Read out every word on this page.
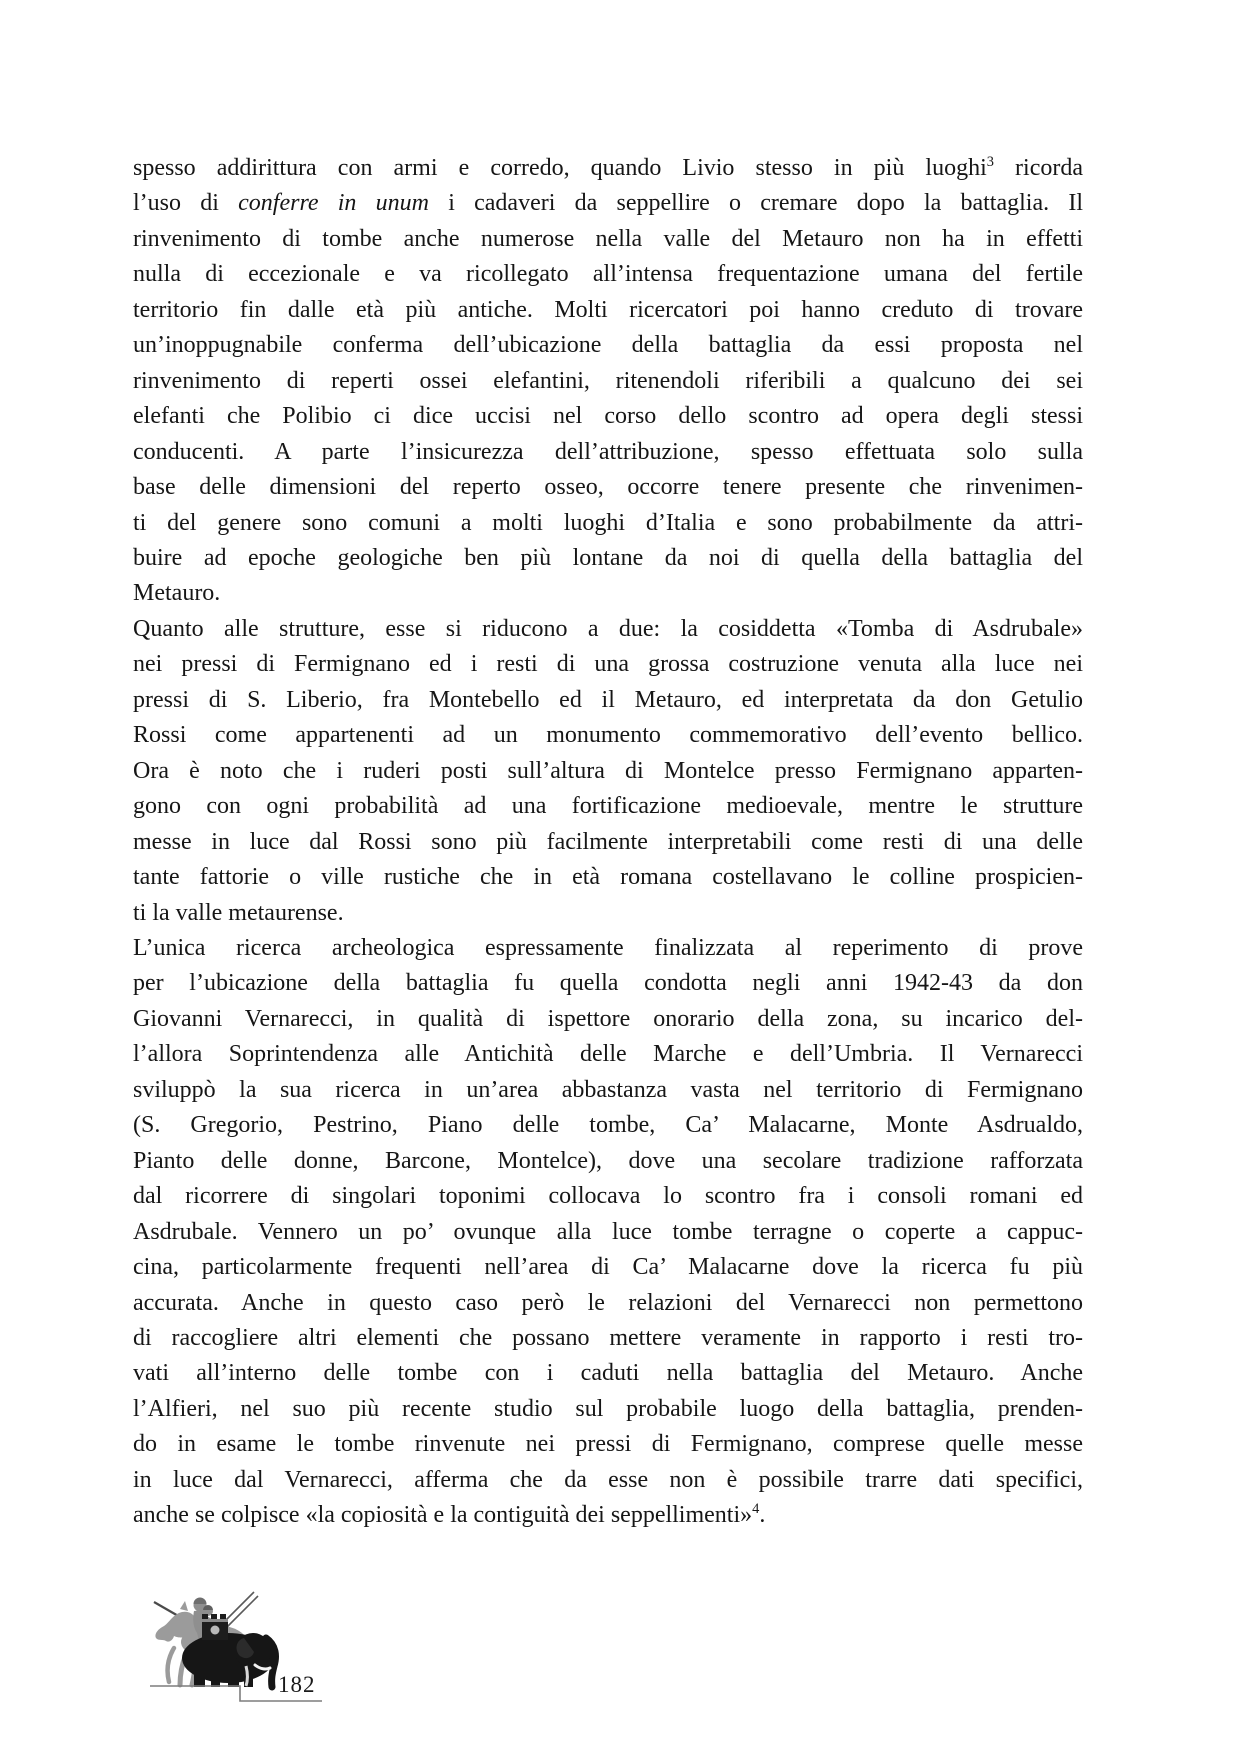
spesso addirittura con armi e corredo, quando Livio stesso in più luoghi$^3$ ricorda
l’uso di conferre in unum i cadaveri da seppellire o cremare dopo la battaglia. Il
rinvenimento di tombe anche numerose nella valle del Metauro non ha in effetti
nulla di eccezionale e va ricollegato all’intensa frequentazione umana del fertile
territorio fin dalle età più antiche. Molti ricercatori poi hanno creduto di trovare
un’inoppugnabile conferma dell’ubicazione della battaglia da essi proposta nel
rinvenimento di reperti ossei elefantini, ritenendoli riferibili a qualcuno dei sei
elefanti che Polibio ci dice uccisi nel corso dello scontro ad opera degli stessi
conducenti. A parte l’insicurezza dell’attribuzione, spesso effettuata solo sulla
base delle dimensioni del reperto osseo, occorre tenere presente che rinvenimen-
ti del genere sono comuni a molti luoghi d’Italia e sono probabilmente da attri-
buire ad epoche geologiche ben più lontane da noi di quella della battaglia del
Metauro.

Quanto alle strutture, esse si riducono a due: la cosiddetta «Tomba di Asdrubale»
nei pressi di Fermignano ed i resti di una grossa costruzione venuta alla luce nei
pressi di S. Liberio, fra Montebello ed il Metauro, ed interpretata da don Getulio
Rossi come appartenenti ad un monumento commemorativo dell’evento bellico.
Ora è noto che i ruderi posti sull’altura di Montelce presso Fermignano apparten-
gono con ogni probabilità ad una fortificazione medioevale, mentre le strutture
messe in luce dal Rossi sono più facilmente interpretabili come resti di una delle
tante fattorie o ville rustiche che in età romana costellavano le colline prospicien-
ti la valle metaurense.

L’unica ricerca archeologica espressamente finalizzata al reperimento di prove
per l’ubicazione della battaglia fu quella condotta negli anni 1942-43 da don
Giovanni Vernarecci, in qualità di ispettore onorario della zona, su incarico del-
l’allora Soprintendenza alle Antichità delle Marche e dell’Umbria. Il Vernarecci
sviluppò la sua ricerca in un’area abbastanza vasta nel territorio di Fermignano
(S. Gregorio, Pestrino, Piano delle tombe, Ca’ Malacarne, Monte Asdrualdo,
Pianto delle donne, Barcone, Montelce), dove una secolare tradizione rafforzata
dal ricorrere di singolari toponimi collocava lo scontro fra i consoli romani ed
Asdrubale. Vennero un po’ ovunque alla luce tombe terragne o coperte a cappuc-
cina, particolarmente frequenti nell’area di Ca’ Malacarne dove la ricerca fu più
accurata. Anche in questo caso però le relazioni del Vernarecci non permettono
di raccogliere altri elementi che possano mettere veramente in rapporto i resti tro-
vati all’interno delle tombe con i caduti nella battaglia del Metauro. Anche
l’Alfieri, nel suo più recente studio sul probabile luogo della battaglia, prenden-
do in esame le tombe rinvenute nei pressi di Fermignano, comprese quelle messe
in luce dal Vernarecci, afferma che da esse non è possibile trarre dati specifici,
anche se colpisce «la copiosità e la contiguità dei seppellimenti»$^4$.

182
